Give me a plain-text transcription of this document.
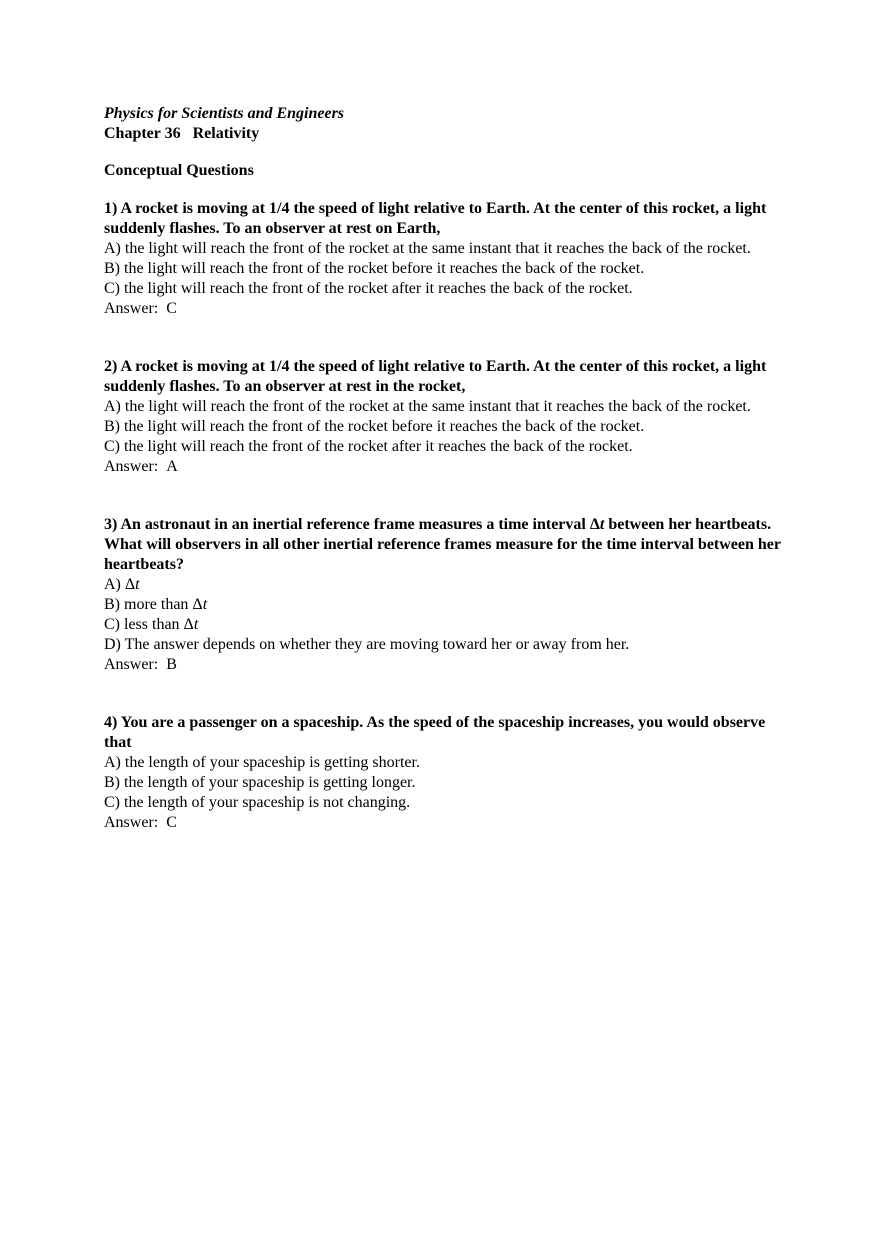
Physics for Scientists and Engineers
Chapter 36 Relativity
Conceptual Questions
1) A rocket is moving at 1/4 the speed of light relative to Earth. At the center of this rocket, a light suddenly flashes. To an observer at rest on Earth,
A) the light will reach the front of the rocket at the same instant that it reaches the back of the rocket.
B) the light will reach the front of the rocket before it reaches the back of the rocket.
C) the light will reach the front of the rocket after it reaches the back of the rocket.
Answer: C
2) A rocket is moving at 1/4 the speed of light relative to Earth. At the center of this rocket, a light suddenly flashes. To an observer at rest in the rocket,
A) the light will reach the front of the rocket at the same instant that it reaches the back of the rocket.
B) the light will reach the front of the rocket before it reaches the back of the rocket.
C) the light will reach the front of the rocket after it reaches the back of the rocket.
Answer: A
3) An astronaut in an inertial reference frame measures a time interval Δt between her heartbeats. What will observers in all other inertial reference frames measure for the time interval between her heartbeats?
A) Δt
B) more than Δt
C) less than Δt
D) The answer depends on whether they are moving toward her or away from her.
Answer: B
4) You are a passenger on a spaceship. As the speed of the spaceship increases, you would observe that
A) the length of your spaceship is getting shorter.
B) the length of your spaceship is getting longer.
C) the length of your spaceship is not changing.
Answer: C
